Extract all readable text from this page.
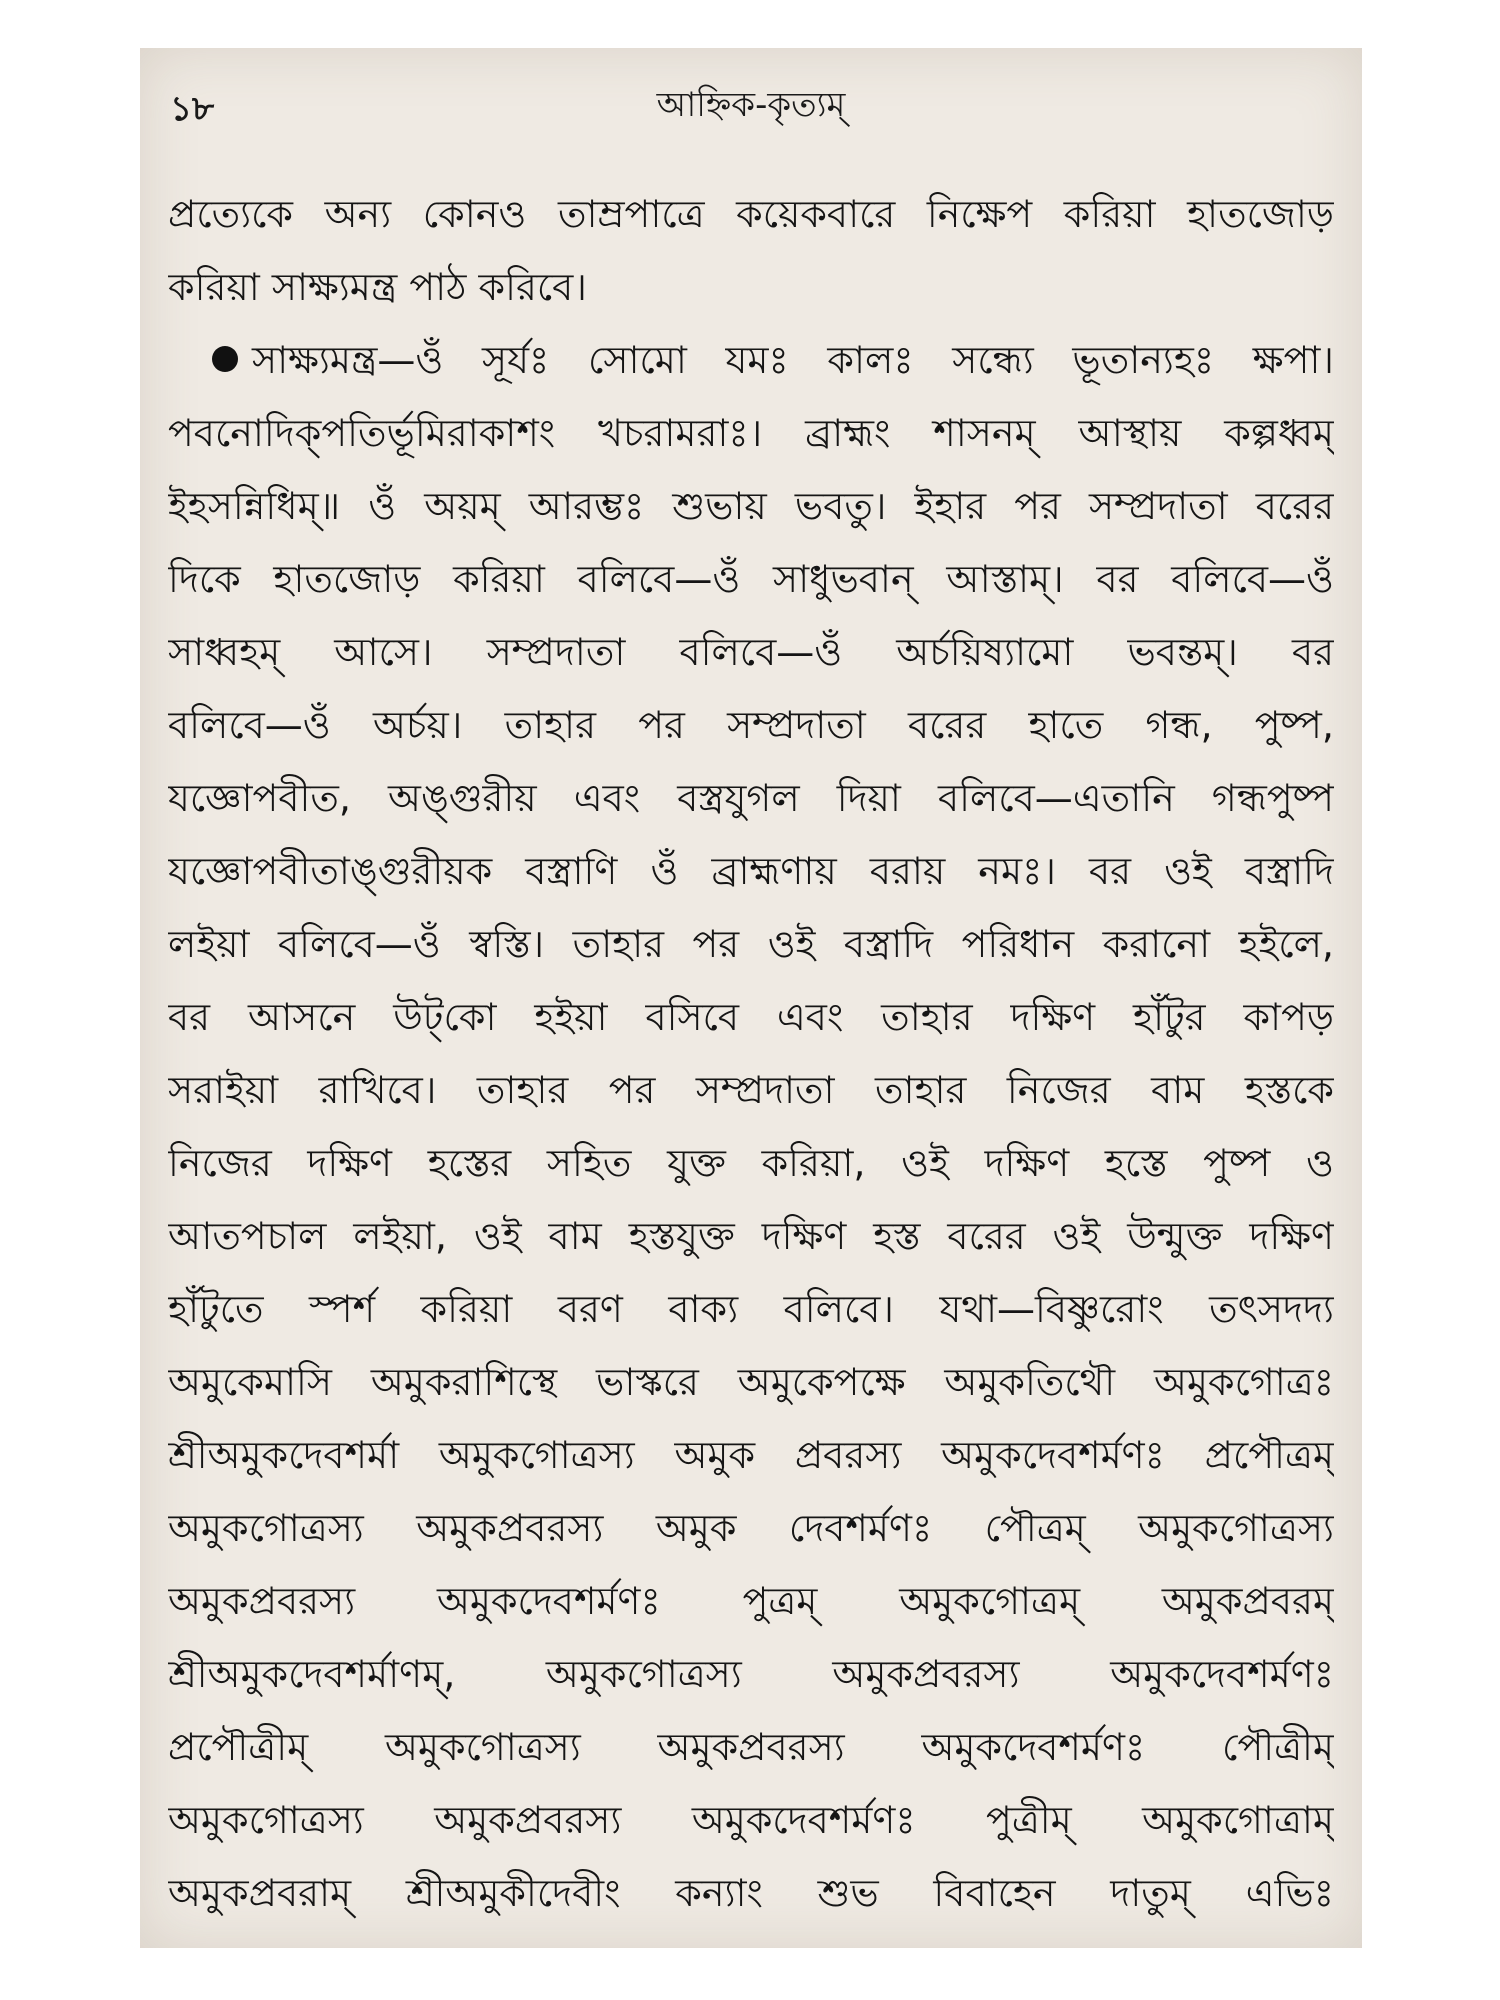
১৮	আহ্নিক-কৃত্যম্
প্রত্যেকে অন্য কোনও তাম্রপাত্রে কয়েকবারে নিক্ষেপ করিয়া হাতজোড়
করিয়া সাক্ষ্যমন্ত্র পাঠ করিবে।
সাক্ষ্যমন্ত্র—ওঁ সূর্যঃ সোমো যমঃ কালঃ সন্ধ্যে ভূতান্যহঃ ক্ষপা।
পবনোদিক্‌পতির্ভূমিরাকাশং খচরামরাঃ। ব্রাহ্মং শাসনম্ আস্থায় কল্পধ্বম্
ইহসন্নিধিম্॥ ওঁ অয়ম্ আরম্ভঃ শুভায় ভবতু। ইহার পর সম্প্রদাতা বরের
দিকে হাতজোড় করিয়া বলিবে—ওঁ সাধুভবান্ আস্তাম্। বর বলিবে—ওঁ
সাধ্বহম্ আসে। সম্প্রদাতা বলিবে—ওঁ অর্চয়িষ্যামো ভবন্তম্। বর
বলিবে—ওঁ অর্চয়। তাহার পর সম্প্রদাতা বরের হাতে গন্ধ, পুষ্প,
যজ্ঞোপবীত, অঙ্গুরীয় এবং বস্ত্রযুগল দিয়া বলিবে—এতানি গন্ধপুষ্প
যজ্ঞোপবীতাঙ্গুরীয়ক বস্ত্রাণি ওঁ ব্রাহ্মণায় বরায় নমঃ। বর ওই বস্ত্রাদি
লইয়া বলিবে—ওঁ স্বস্তি। তাহার পর ওই বস্ত্রাদি পরিধান করানো হইলে,
বর আসনে উট্‌কো হইয়া বসিবে এবং তাহার দক্ষিণ হাঁটুর কাপড়
সরাইয়া রাখিবে। তাহার পর সম্প্রদাতা তাহার নিজের বাম হস্তকে
নিজের দক্ষিণ হস্তের সহিত যুক্ত করিয়া, ওই দক্ষিণ হস্তে পুষ্প ও
আতপচাল লইয়া, ওই বাম হস্তযুক্ত দক্ষিণ হস্ত বরের ওই উন্মুক্ত দক্ষিণ
হাঁটুতে স্পর্শ করিয়া বরণ বাক্য বলিবে। যথা—বিষ্ণুরোং তৎসদদ্য
অমুকেমাসি অমুকরাশিস্থে ভাস্করে অমুকেপক্ষে অমুকতিথৌ অমুকগোত্রঃ
শ্রীঅমুকদেবশর্মা অমুকগোত্রস্য অমুক প্রবরস্য অমুকদেবশর্মণঃ প্রপৌত্রম্
অমুকগোত্রস্য অমুকপ্রবরস্য অমুক দেবশর্মণঃ পৌত্রম্ অমুকগোত্রস্য
অমুকপ্রবরস্য অমুকদেবশর্মণঃ পুত্রম্ অমুকগোত্রম্ অমুকপ্রবরম্
শ্রীঅমুকদেবশর্মাণম্, অমুকগোত্রস্য অমুকপ্রবরস্য অমুকদেবশর্মণঃ
প্রপৌত্রীম্ অমুকগোত্রস্য অমুকপ্রবরস্য অমুকদেবশর্মণঃ পৌত্রীম্
অমুকগোত্রস্য অমুকপ্রবরস্য অমুকদেবশর্মণঃ পুত্রীম্ অমুকগোত্রাম্
অমুকপ্রবরাম্ শ্রীঅমুকীদেবীং কন্যাং শুভ বিবাহেন দাতুম্ এভিঃ
